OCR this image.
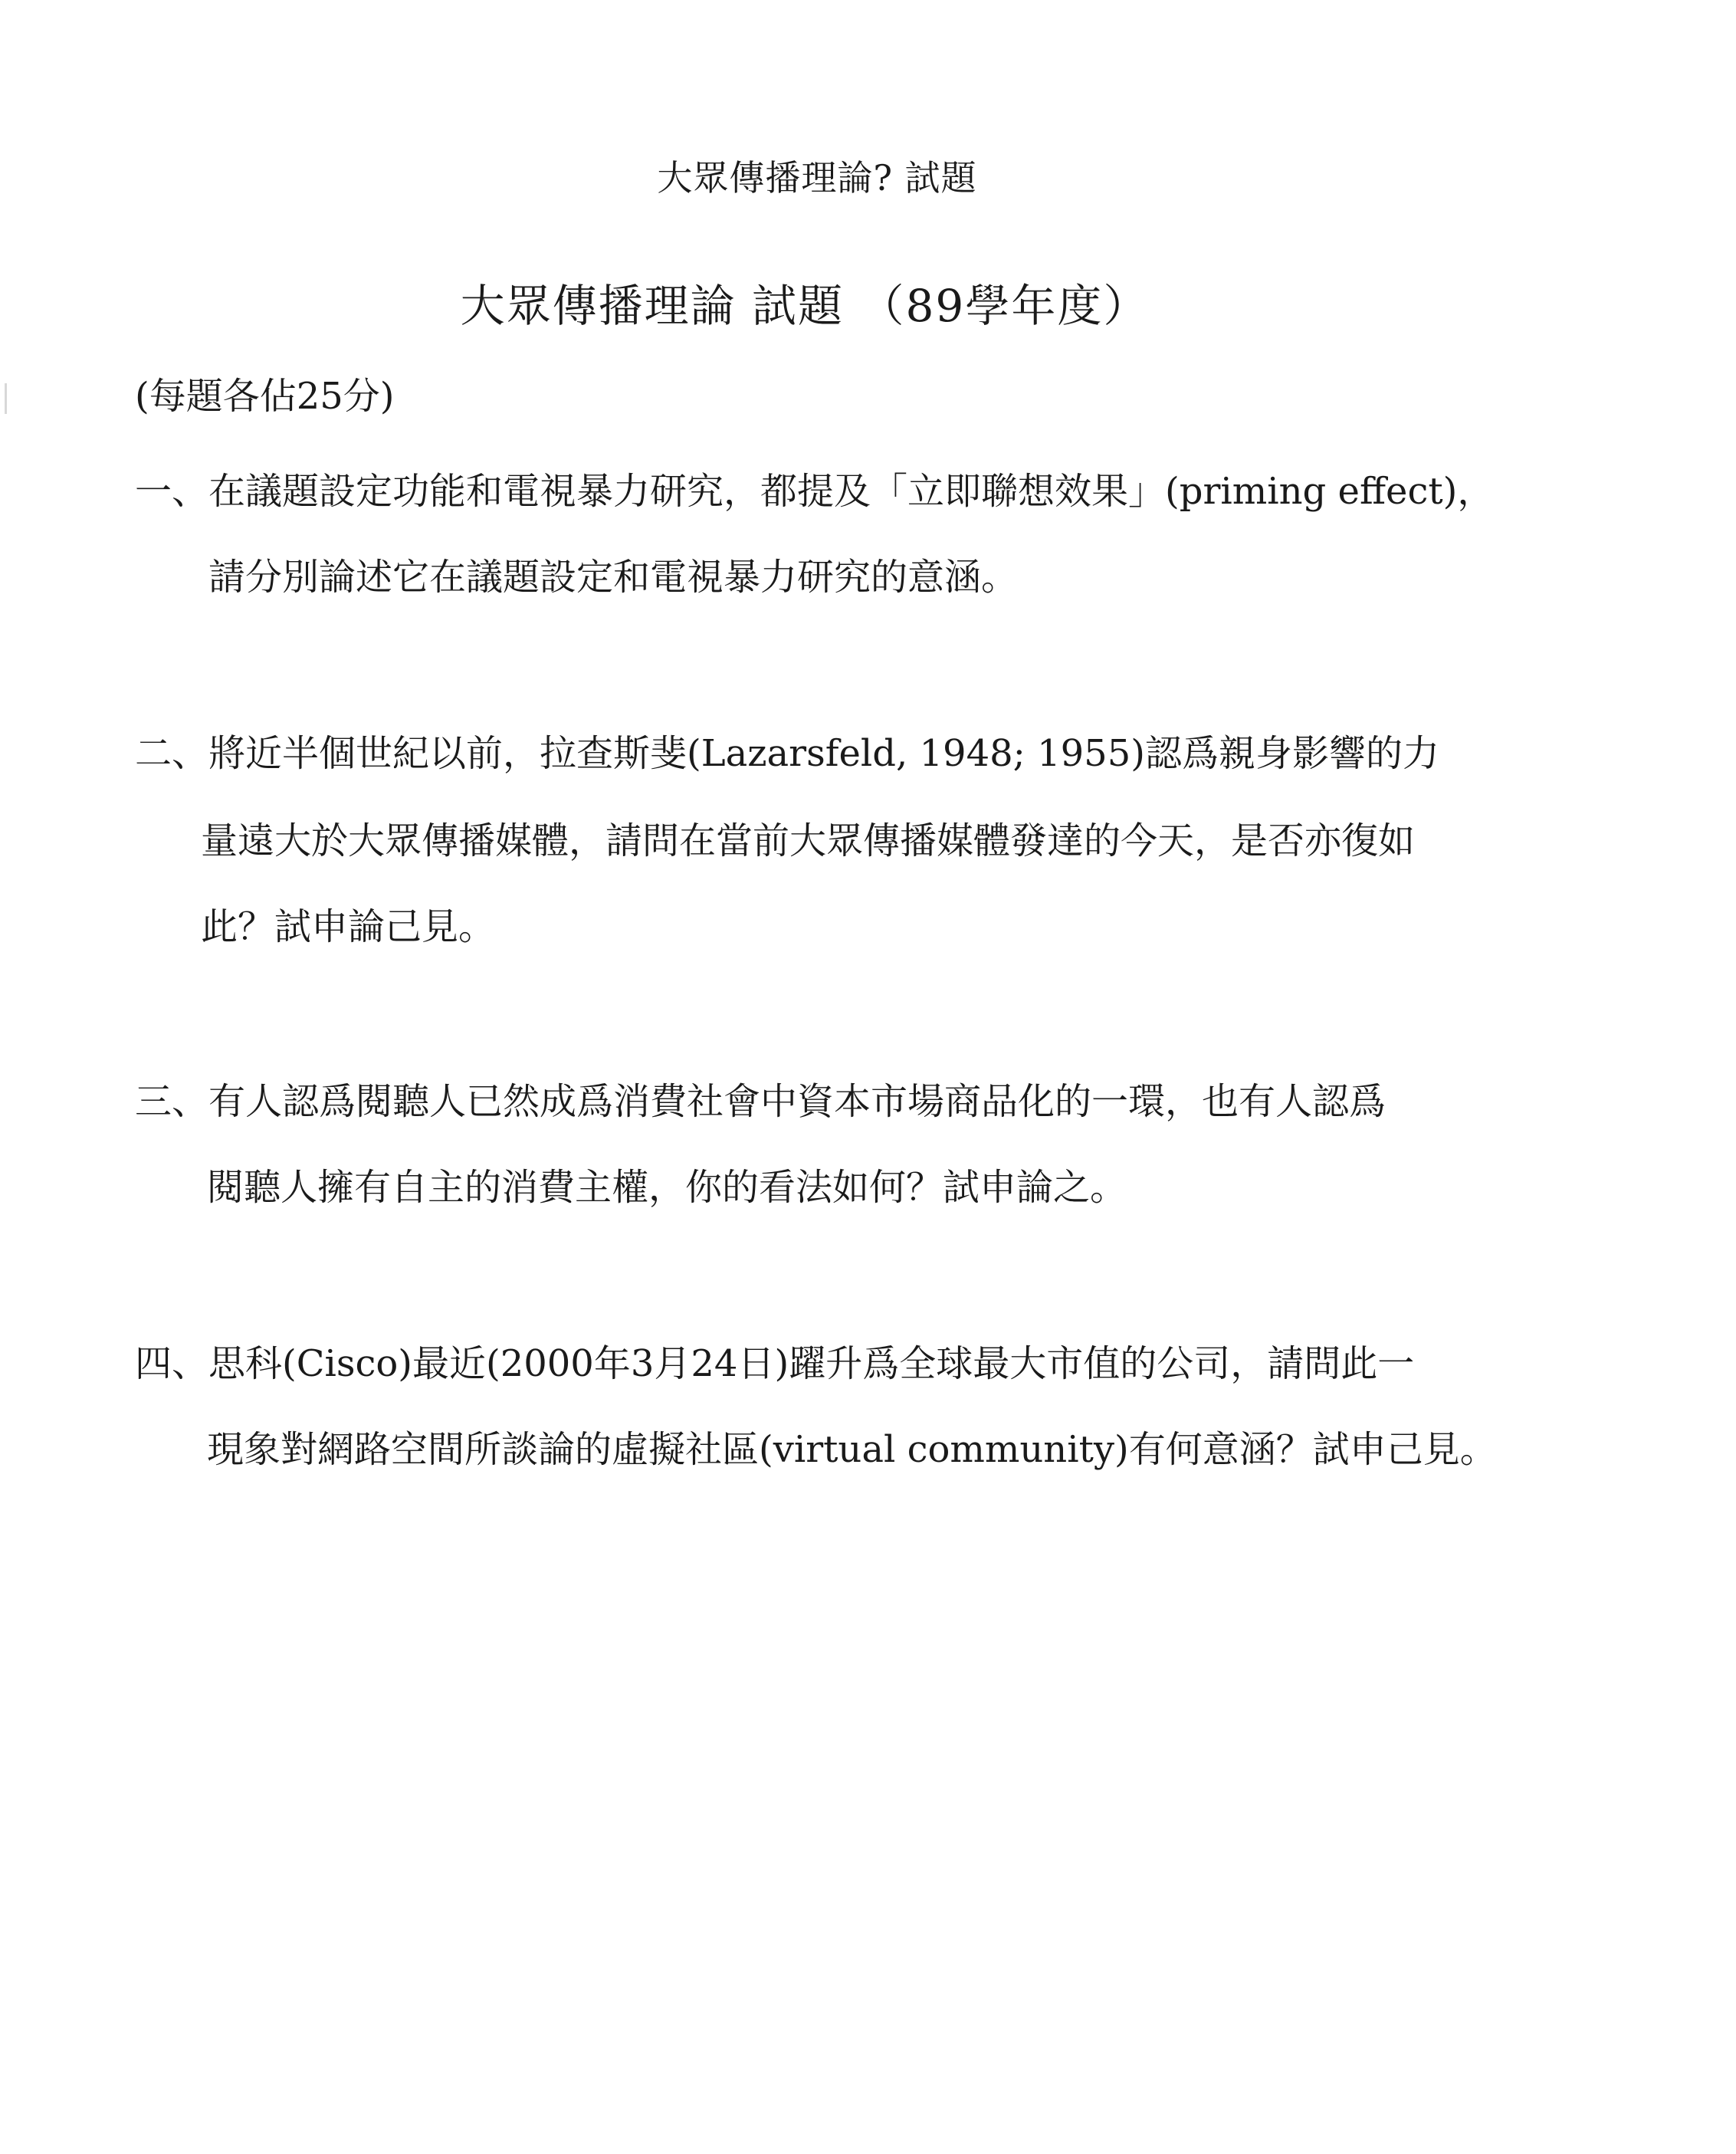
大眾傳播理論? 試題
大眾傳播理論 試題 （89學年度）
(每題各佔25分)
一、在議題設定功能和電視暴力研究，都提及「立即聯想效果」(priming effect)，
請分別論述它在議題設定和電視暴力研究的意涵。
二、將近半個世紀以前，拉查斯斐(Lazarsfeld, 1948; 1955)認爲親身影響的力
量遠大於大眾傳播媒體，請問在當前大眾傳播媒體發達的今天，是否亦復如
此？試申論己見。
三、有人認爲閱聽人已然成爲消費社會中資本市場商品化的一環，也有人認爲
閱聽人擁有自主的消費主權，你的看法如何？試申論之。
四、思科(Cisco)最近(2000年3月24日)躍升爲全球最大市值的公司，請問此一
現象對網路空間所談論的虛擬社區(virtual community)有何意涵？試申己見。
